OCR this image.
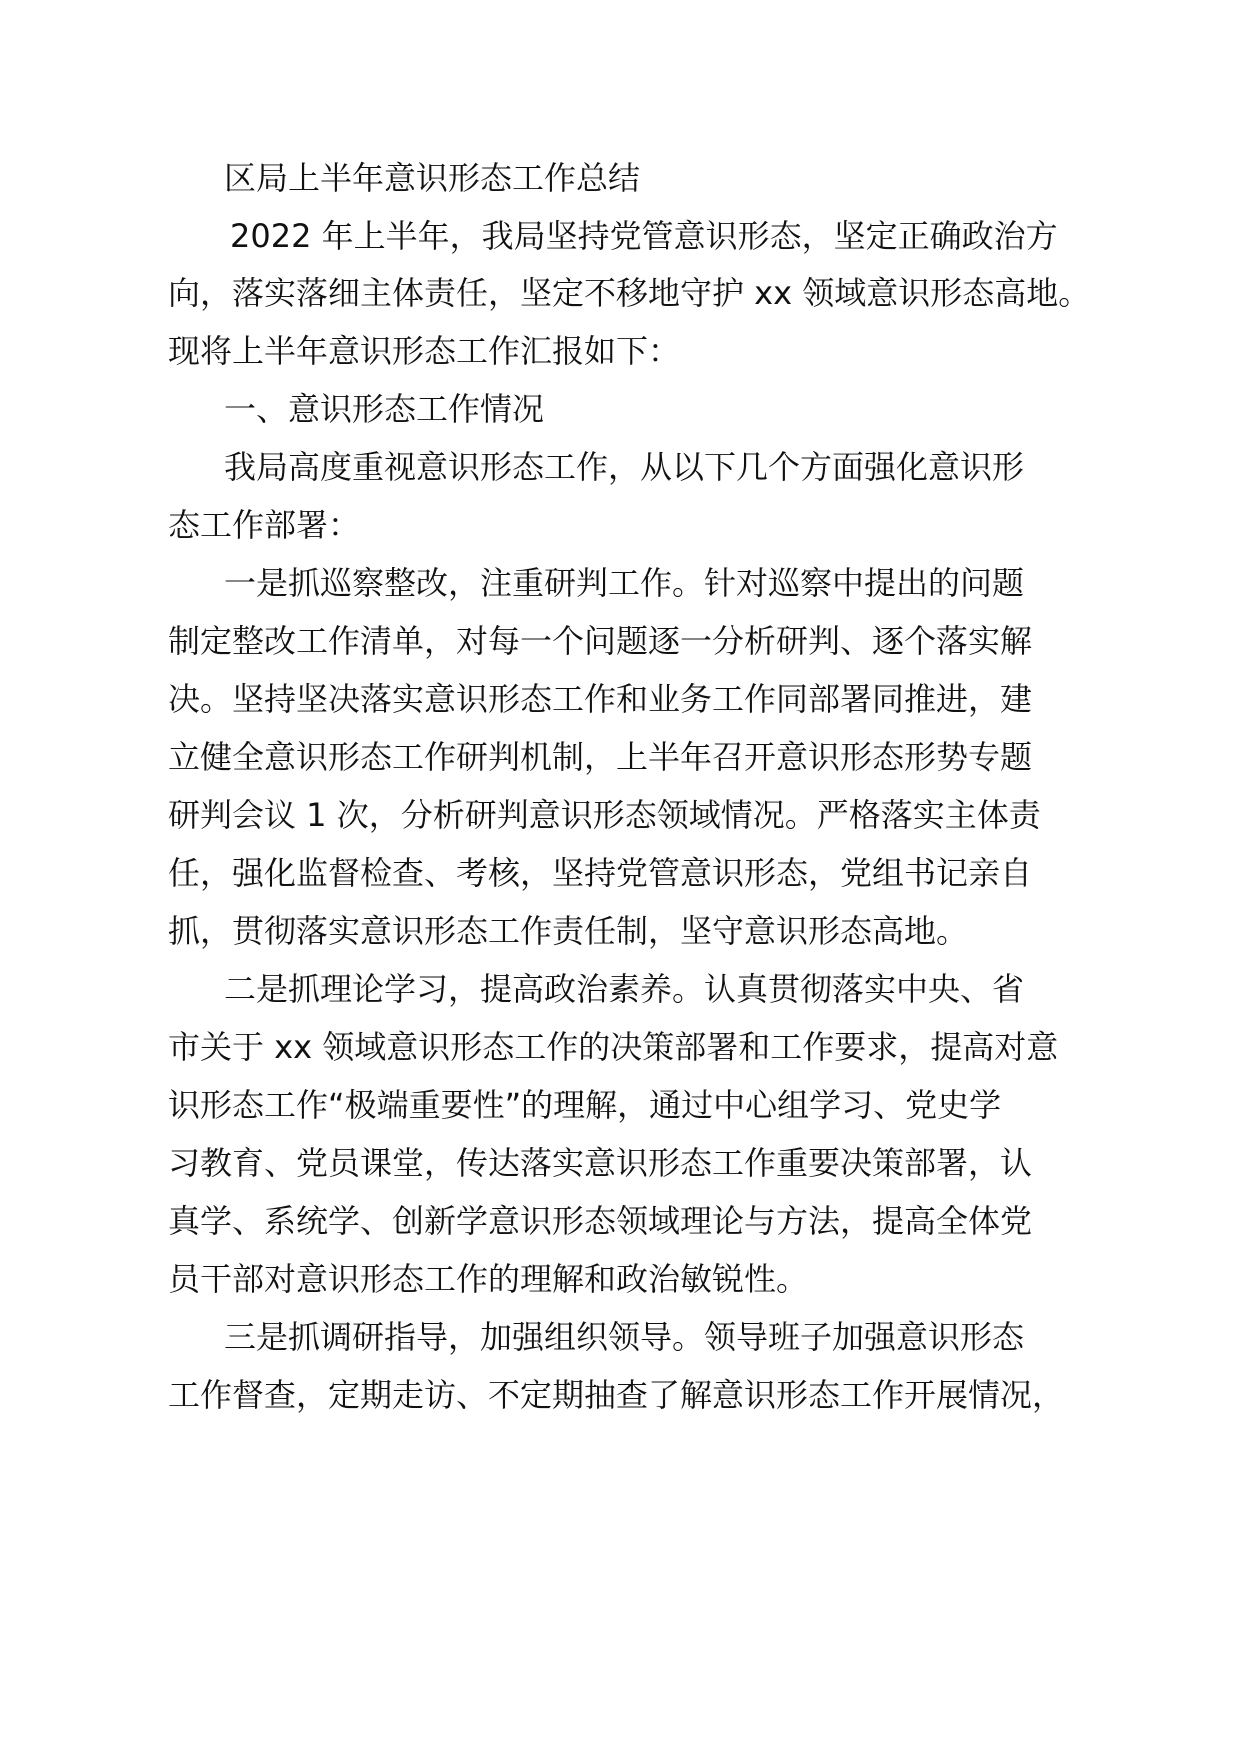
区局上半年意识形态工作总结
2022 年上半年，我局坚持党管意识形态，坚定正确政治方
向，落实落细主体责任，坚定不移地守护 xx 领域意识形态高地。
现将上半年意识形态工作汇报如下：
一、意识形态工作情况
我局高度重视意识形态工作，从以下几个方面强化意识形
态工作部署：
一是抓巡察整改，注重研判工作。针对巡察中提出的问题
制定整改工作清单，对每一个问题逐一分析研判、逐个落实解
决。坚持坚决落实意识形态工作和业务工作同部署同推进，建
立健全意识形态工作研判机制，上半年召开意识形态形势专题
研判会议 1 次，分析研判意识形态领域情况。严格落实主体责
任，强化监督检查、考核，坚持党管意识形态，党组书记亲自
抓，贯彻落实意识形态工作责任制，坚守意识形态高地。
二是抓理论学习，提高政治素养。认真贯彻落实中央、省
市关于 xx 领域意识形态工作的决策部署和工作要求，提高对意
识形态工作“极端重要性”的理解，通过中心组学习、党史学
习教育、党员课堂，传达落实意识形态工作重要决策部署，认
真学、系统学、创新学意识形态领域理论与方法，提高全体党
员干部对意识形态工作的理解和政治敏锐性。
三是抓调研指导，加强组织领导。领导班子加强意识形态
工作督查，定期走访、不定期抽查了解意识形态工作开展情况，
